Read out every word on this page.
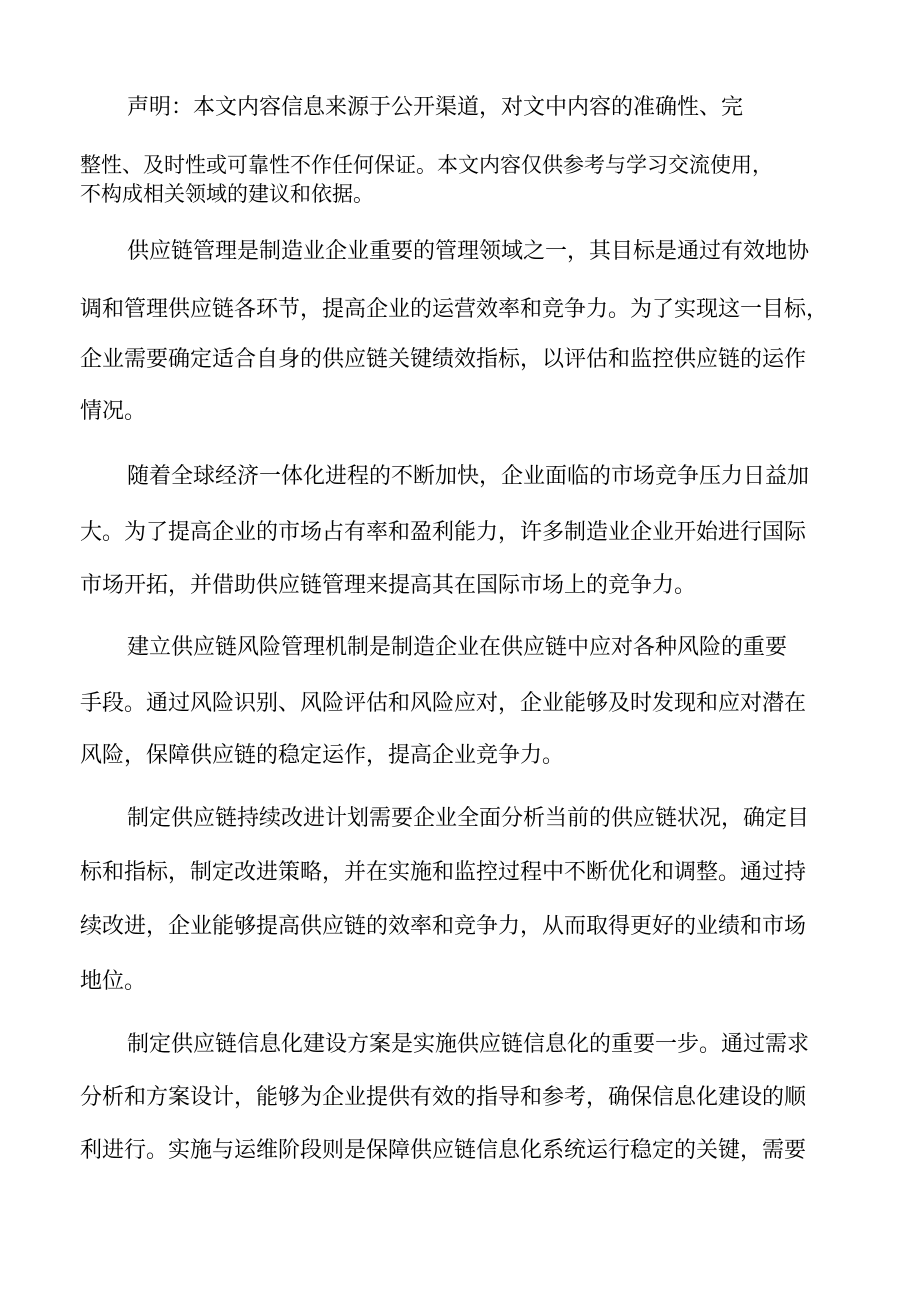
声明：本文内容信息来源于公开渠道，对文中内容的准确性、完
整性、及时性或可靠性不作任何保证。本文内容仅供参考与学习交流使用，
不构成相关领域的建议和依据。
供应链管理是制造业企业重要的管理领域之一，其目标是通过有效地协
调和管理供应链各环节，提高企业的运营效率和竞争力。为了实现这一目标，
企业需要确定适合自身的供应链关键绩效指标，以评估和监控供应链的运作
情况。
随着全球经济一体化进程的不断加快，企业面临的市场竞争压力日益加
大。为了提高企业的市场占有率和盈利能力，许多制造业企业开始进行国际
市场开拓，并借助供应链管理来提高其在国际市场上的竞争力。
建立供应链风险管理机制是制造企业在供应链中应对各种风险的重要
手段。通过风险识别、风险评估和风险应对，企业能够及时发现和应对潜在
风险，保障供应链的稳定运作，提高企业竞争力。
制定供应链持续改进计划需要企业全面分析当前的供应链状况，确定目
标和指标，制定改进策略，并在实施和监控过程中不断优化和调整。通过持
续改进，企业能够提高供应链的效率和竞争力，从而取得更好的业绩和市场
地位。
制定供应链信息化建设方案是实施供应链信息化的重要一步。通过需求
分析和方案设计，能够为企业提供有效的指导和参考，确保信息化建设的顺
利进行。实施与运维阶段则是保障供应链信息化系统运行稳定的关键，需要
